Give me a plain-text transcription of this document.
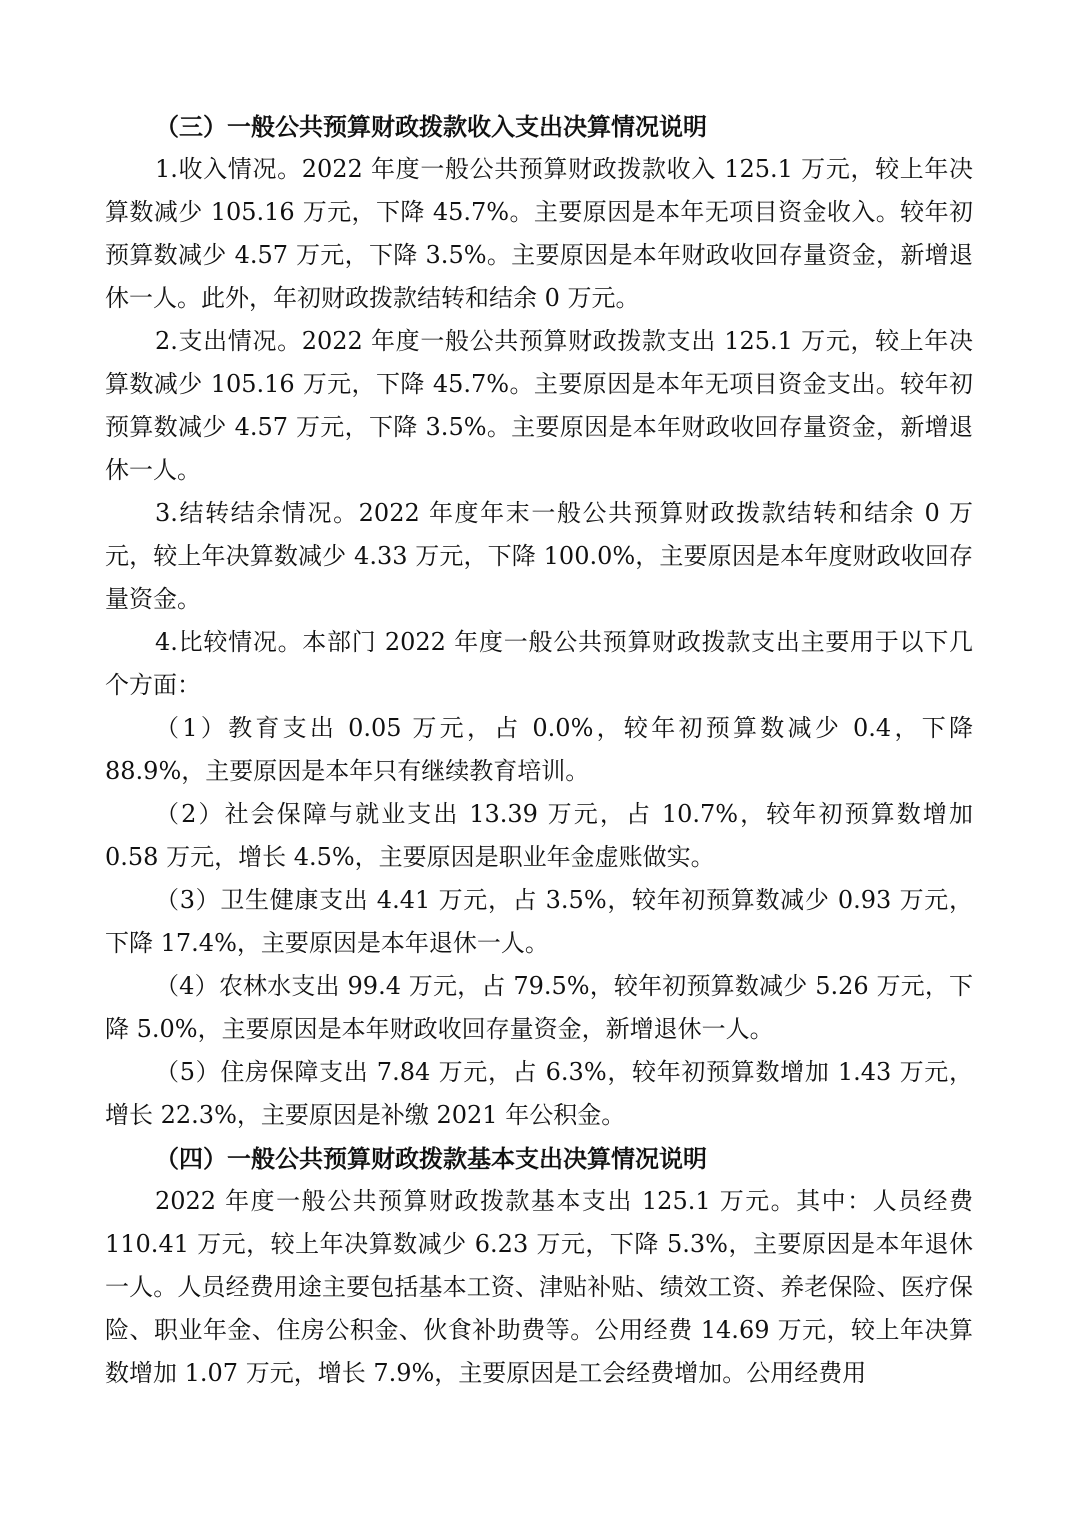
（三）一般公共预算财政拨款收入支出决算情况说明

1.收入情况。2022 年度一般公共预算财政拨款收入 125.1 万元，较上年决算数减少 105.16 万元，下降 45.7%。主要原因是本年无项目资金收入。较年初预算数减少 4.57 万元，下降 3.5%。主要原因是本年财政收回存量资金，新增退休一人。此外，年初财政拨款结转和结余 0 万元。

2.支出情况。2022 年度一般公共预算财政拨款支出 125.1 万元，较上年决算数减少 105.16 万元，下降 45.7%。主要原因是本年无项目资金支出。较年初预算数减少 4.57 万元，下降 3.5%。主要原因是本年财政收回存量资金，新增退休一人。

3.结转结余情况。2022 年度年末一般公共预算财政拨款结转和结余 0 万元，较上年决算数减少 4.33 万元，下降 100.0%，主要原因是本年度财政收回存量资金。

4.比较情况。本部门 2022 年度一般公共预算财政拨款支出主要用于以下几个方面：

（1）教育支出 0.05 万元，占 0.0%，较年初预算数减少 0.4，下降 88.9%，主要原因是本年只有继续教育培训。

（2）社会保障与就业支出 13.39 万元，占 10.7%，较年初预算数增加 0.58 万元，增长 4.5%，主要原因是职业年金虚账做实。

（3）卫生健康支出 4.41 万元，占 3.5%，较年初预算数减少 0.93 万元，下降 17.4%，主要原因是本年退休一人。

（4）农林水支出 99.4 万元，占 79.5%，较年初预算数减少 5.26 万元，下降 5.0%，主要原因是本年财政收回存量资金，新增退休一人。

（5）住房保障支出 7.84 万元，占 6.3%，较年初预算数增加 1.43 万元，增长 22.3%，主要原因是补缴 2021 年公积金。

（四）一般公共预算财政拨款基本支出决算情况说明

2022 年度一般公共预算财政拨款基本支出 125.1 万元。其中：人员经费 110.41 万元，较上年决算数减少 6.23 万元，下降 5.3%，主要原因是本年退休一人。人员经费用途主要包括基本工资、津贴补贴、绩效工资、养老保险、医疗保险、职业年金、住房公积金、伙食补助费等。公用经费 14.69 万元，较上年决算数增加 1.07 万元，增长 7.9%，主要原因是工会经费增加。公用经费用
